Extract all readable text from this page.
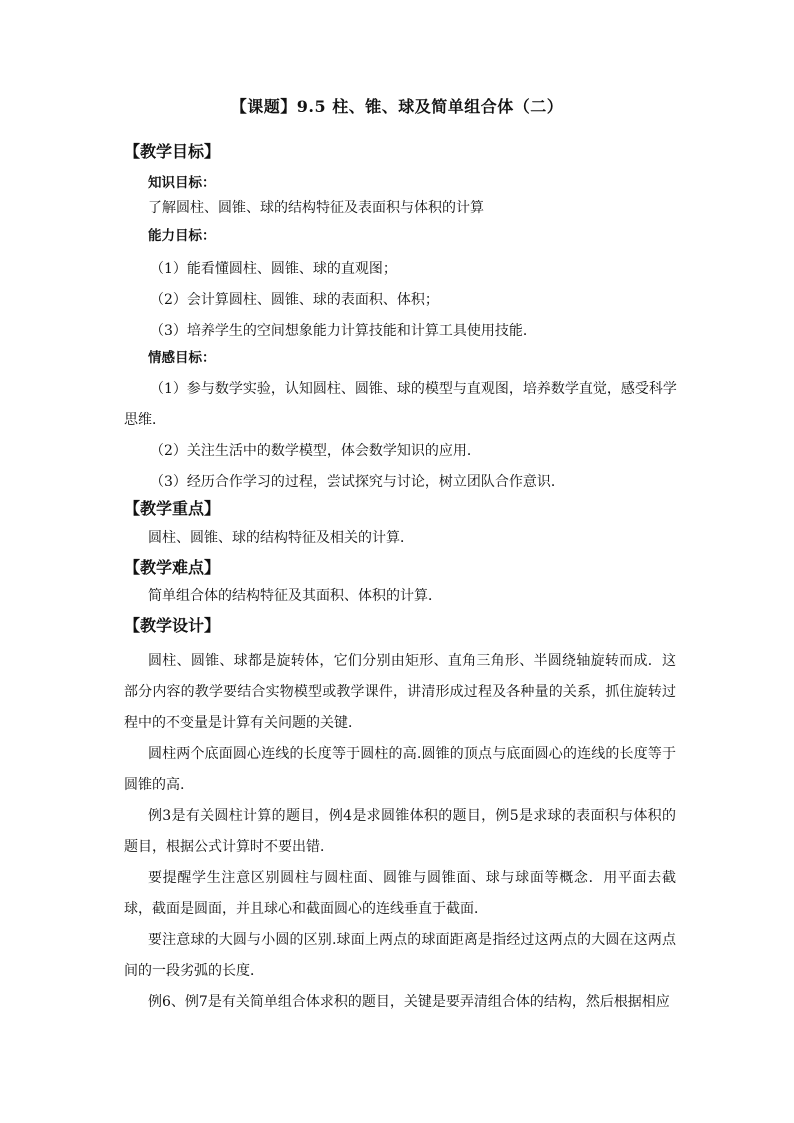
【课题】9.5 柱、锥、球及简单组合体（二）
【教学目标】
知识目标：
了解圆柱、圆锥、球的结构特征及表面积与体积的计算
能力目标：
（1）能看懂圆柱、圆锥、球的直观图；
（2）会计算圆柱、圆锥、球的表面积、体积；
（3）培养学生的空间想象能力计算技能和计算工具使用技能．
情感目标：
（1）参与数学实验，认知圆柱、圆锥、球的模型与直观图，培养数学直觉，感受科学
思维．
（2）关注生活中的数学模型，体会数学知识的应用．
（3）经历合作学习的过程，尝试探究与讨论，树立团队合作意识．
【教学重点】
圆柱、圆锥、球的结构特征及相关的计算．
【教学难点】
简单组合体的结构特征及其面积、体积的计算．
【教学设计】
圆柱、圆锥、球都是旋转体，它们分别由矩形、直角三角形、半圆绕轴旋转而成．这部分内容的教学要结合实物模型或教学课件，讲清形成过程及各种量的关系，抓住旋转过程中的不变量是计算有关问题的关键．
圆柱两个底面圆心连线的长度等于圆柱的高.圆锥的顶点与底面圆心的连线的长度等于圆锥的高.
例3是有关圆柱计算的题目，例4是求圆锥体积的题目，例5是求球的表面积与体积的题目，根据公式计算时不要出错．
要提醒学生注意区别圆柱与圆柱面、圆锥与圆锥面、球与球面等概念．用平面去截球，截面是圆面，并且球心和截面圆心的连线垂直于截面．
要注意球的大圆与小圆的区别.球面上两点的球面距离是指经过这两点的大圆在这两点间的一段劣弧的长度．
例6、例7是有关简单组合体求积的题目，关键是要弄清组合体的结构，然后根据相应
